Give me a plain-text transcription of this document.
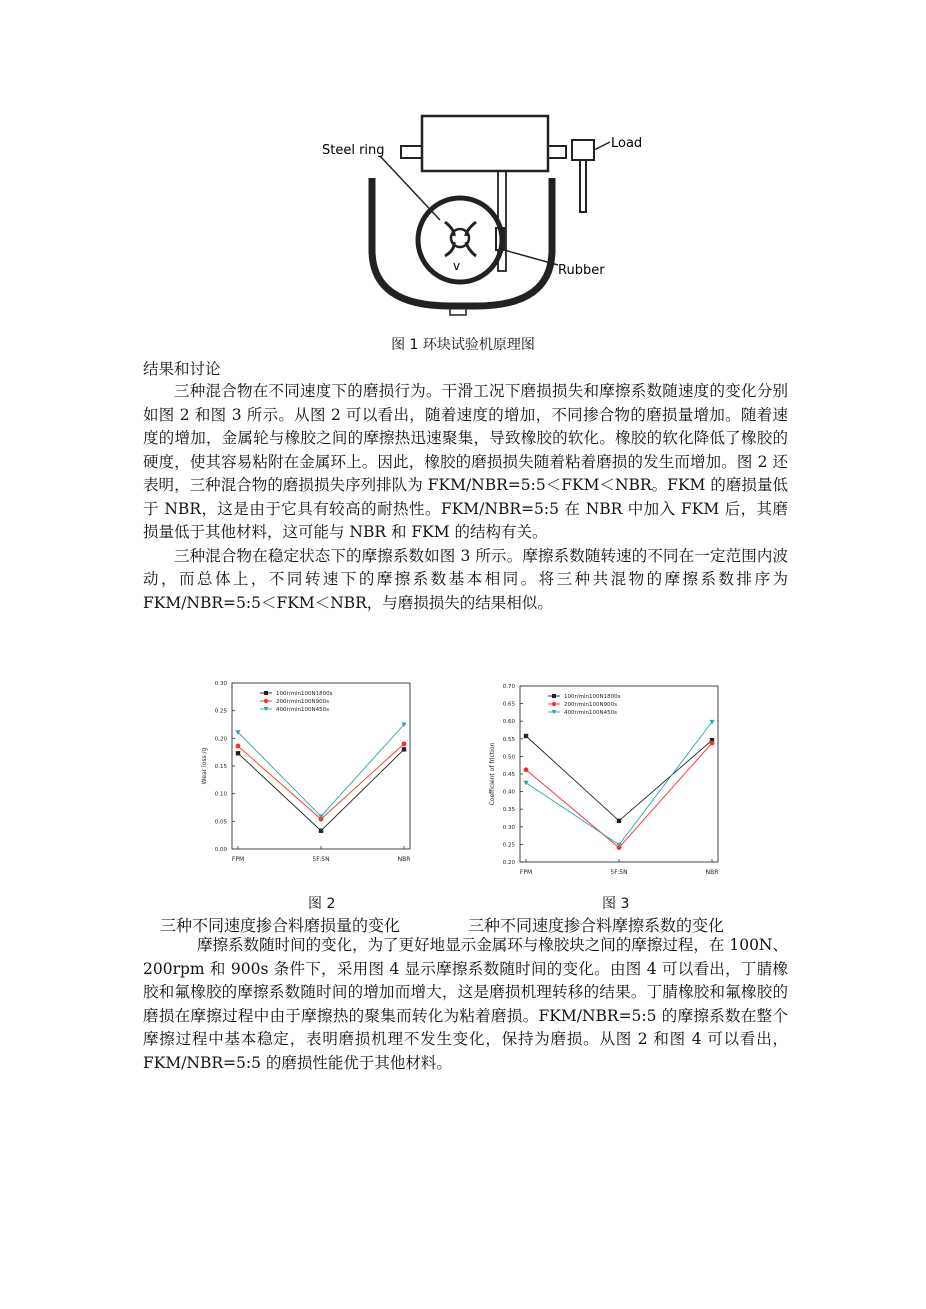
Load
Rubber
v
Steel ring
图 1 环块试验机原理图
结果和讨论

三种混合物在不同速度下的磨损行为。干滑工况下磨损损失和摩擦系数随速度的变化分别如图 2 和图 3 所示。从图 2 可以看出，随着速度的增加，不同掺合物的磨损量增加。随着速度的增加，金属轮与橡胶之间的摩擦热迅速聚集，导致橡胶的软化。橡胶的软化降低了橡胶的硬度，使其容易粘附在金属环上。因此，橡胶的磨损损失随着粘着磨损的发生而增加。图 2 还表明，三种混合物的磨损损失序列排队为 FKM/NBR=5:5＜FKM＜NBR。FKM 的磨损量低于 NBR，这是由于它具有较高的耐热性。FKM/NBR=5:5 在 NBR 中加入 FKM 后，其磨损量低于其他材料，这可能与 NBR 和 FKM 的结构有关。

三种混合物在稳定状态下的摩擦系数如图 3 所示。摩擦系数随转速的不同在一定范围内波动，而总体上，不同转速下的摩擦系数基本相同。将三种共混物的摩擦系数排序为 FKM/NBR=5:5＜FKM＜NBR，与磨损损失的结果相似。

0.00
0.05
0.10
0.15
0.20
0.25
0.30
FPM	5F:5N	NBR
Wear loss /g
100r/min100N1800s
200r/min100N900s
400r/min100N450s
0.20
0.25
0.30
0.35
0.40
0.45
0.50
0.55
0.60
0.65
0.70
FPM	5F:5N	NBR
Coefficient of friction
100r/min100N1800s
200r/min100N900s
400r/min100N450s
图 2	图 3
三种不同速度掺合料磨损量的变化	三种不同速度掺合料摩擦系数的变化

摩擦系数随时间的变化，为了更好地显示金属环与橡胶块之间的摩擦过程，在 100N、200rpm 和 900s 条件下，采用图 4 显示摩擦系数随时间的变化。由图 4 可以看出，丁腈橡胶和氟橡胶的摩擦系数随时间的增加而增大，这是磨损机理转移的结果。丁腈橡胶和氟橡胶的磨损在摩擦过程中由于摩擦热的聚集而转化为粘着磨损。FKM/NBR=5:5 的摩擦系数在整个摩擦过程中基本稳定，表明磨损机理不发生变化，保持为磨损。从图 2 和图 4 可以看出，FKM/NBR=5:5 的磨损性能优于其他材料。
